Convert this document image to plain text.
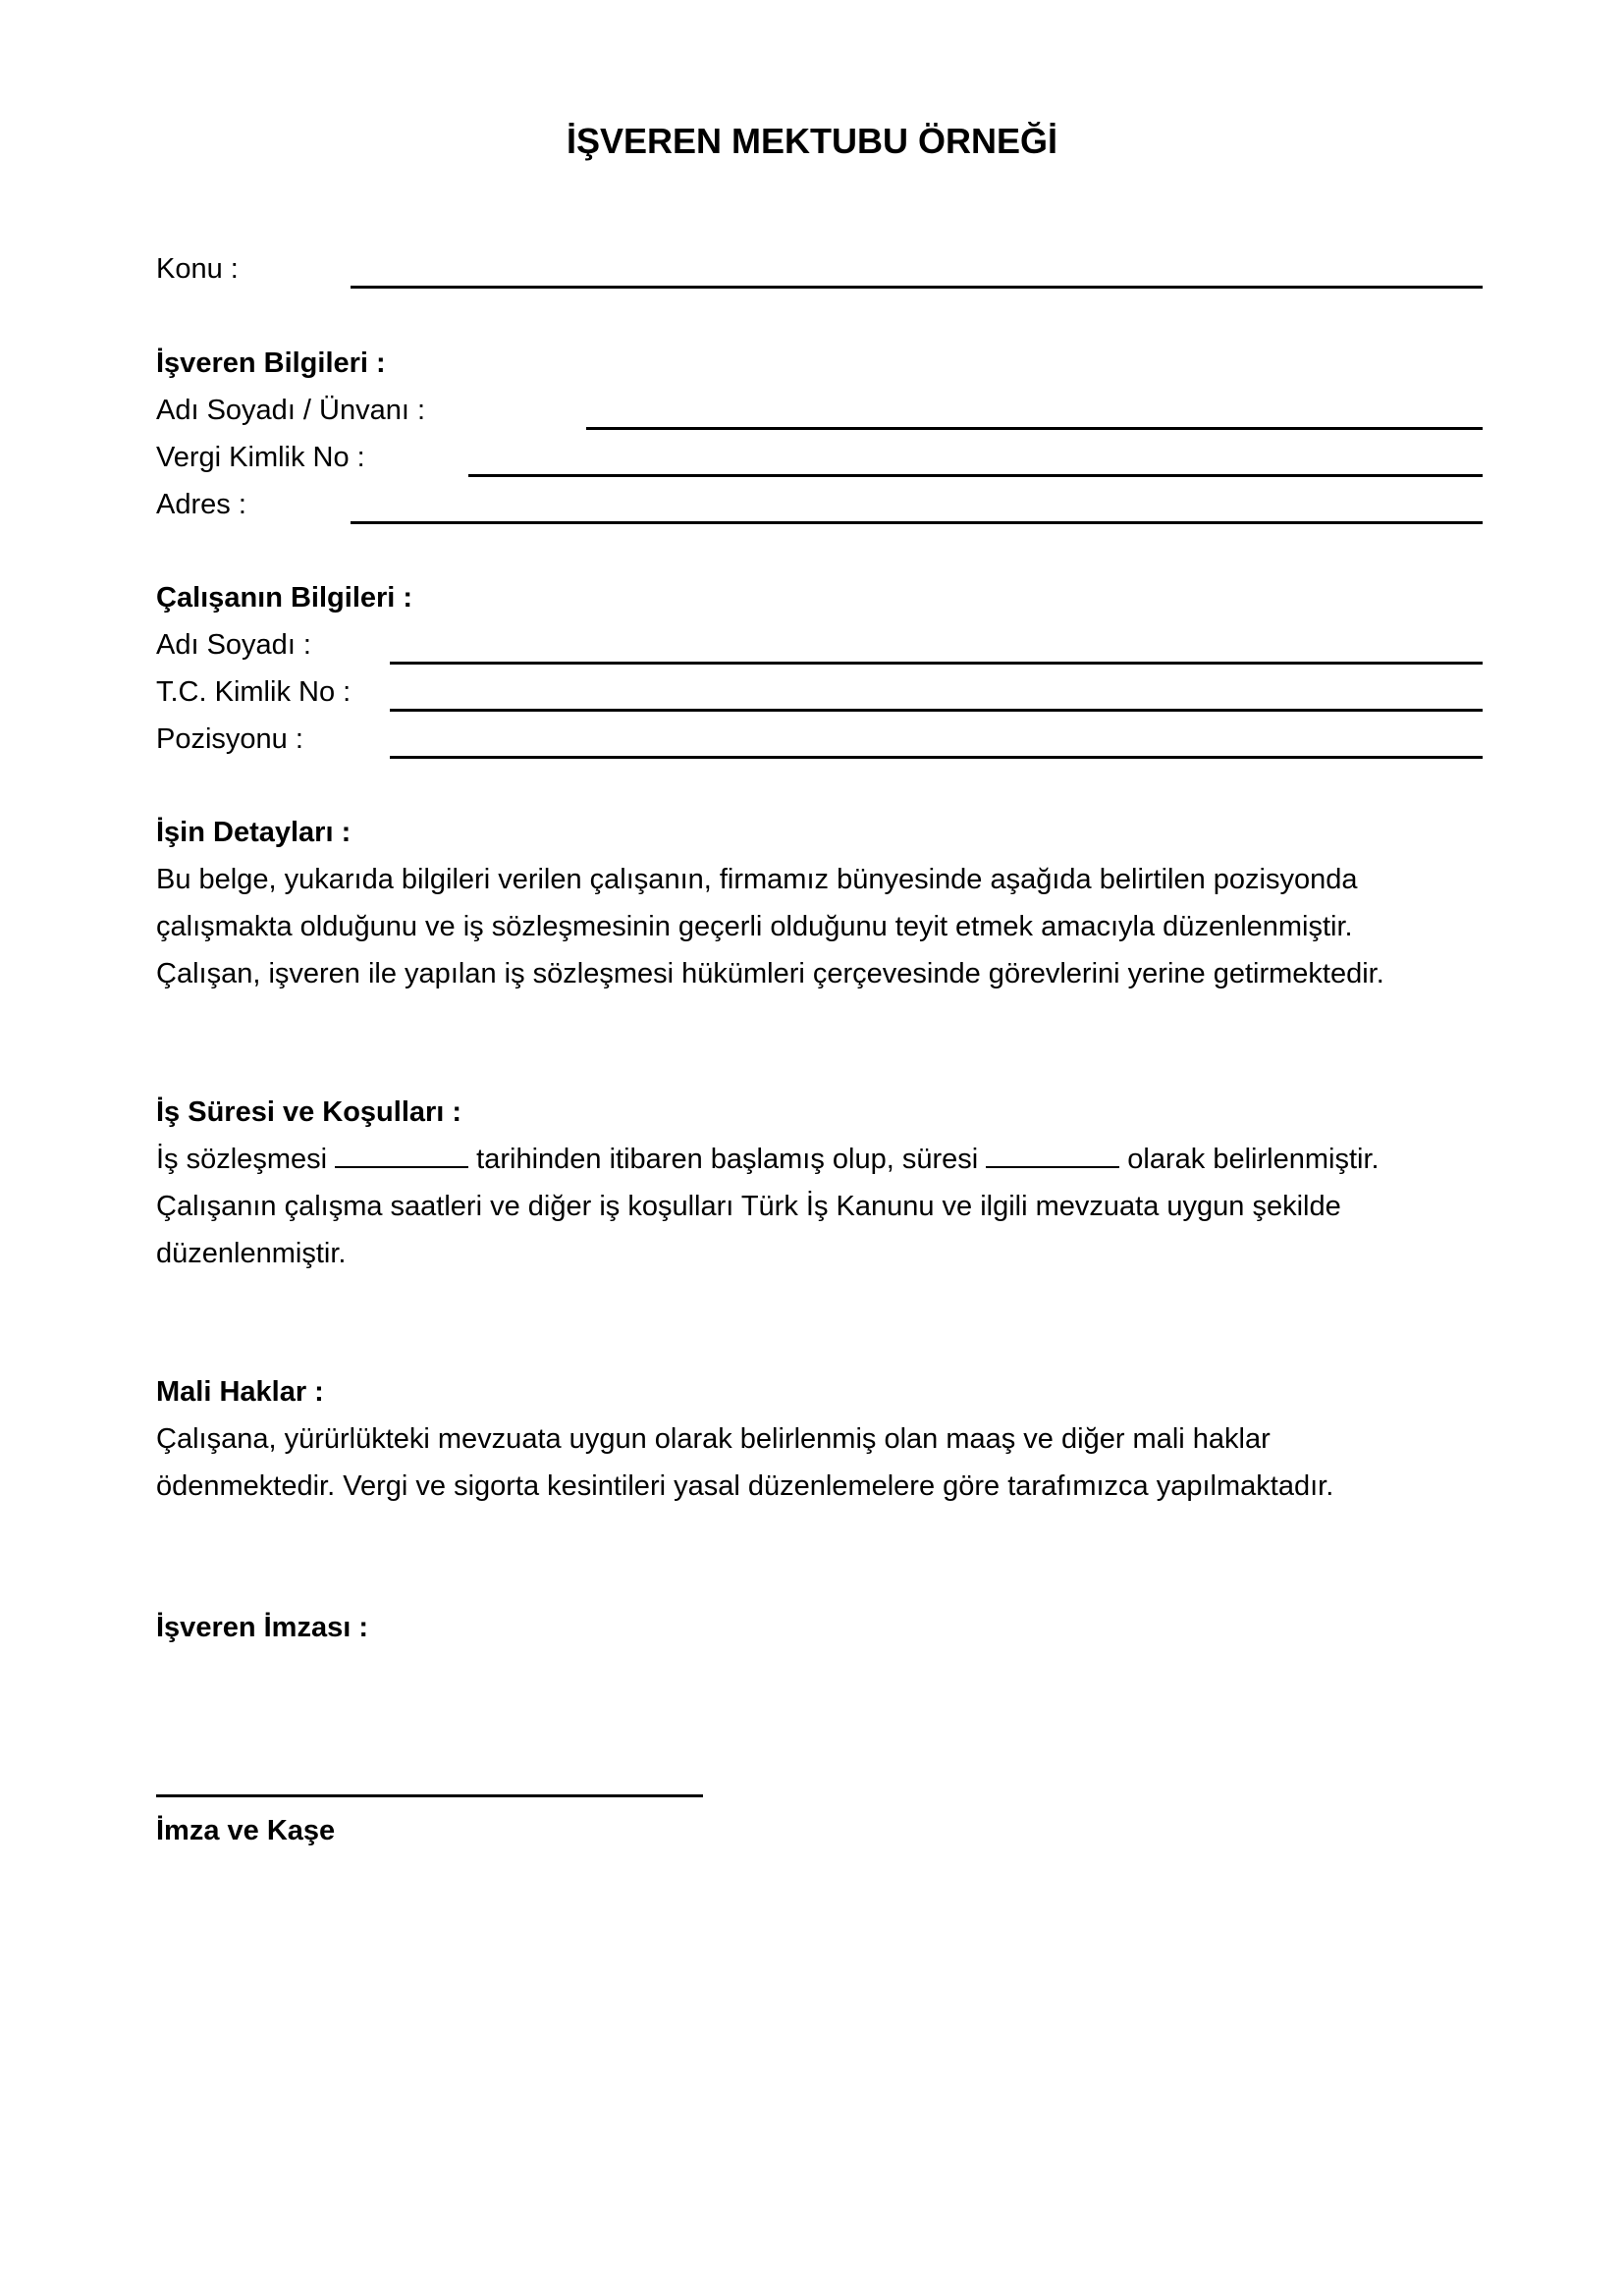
İŞVEREN MEKTUBU ÖRNEĞİ
Konu :
İşveren Bilgileri :
Adı Soyadı / Ünvanı :
Vergi Kimlik No :
Adres :
Çalışanın Bilgileri :
Adı Soyadı :
T.C. Kimlik No :
Pozisyonu :
İşin Detayları :

Bu belge, yukarıda bilgileri verilen çalışanın, firmamız bünyesinde aşağıda belirtilen pozisyonda

çalışmakta olduğunu ve iş sözleşmesinin geçerli olduğunu teyit etmek amacıyla düzenlenmiştir.

Çalışan, işveren ile yapılan iş sözleşmesi hükümleri çerçevesinde görevlerini yerine getirmektedir.

İş Süresi ve Koşulları :

İş sözleşmesi	tarihinden itibaren başlamış olup, süresi	olarak belirlenmiştir.

Çalışanın çalışma saatleri ve diğer iş koşulları Türk İş Kanunu ve ilgili mevzuata uygun şekilde

düzenlenmiştir.

Mali Haklar :

Çalışana, yürürlükteki mevzuata uygun olarak belirlenmiş olan maaş ve diğer mali haklar

ödenmektedir. Vergi ve sigorta kesintileri yasal düzenlemelere göre tarafımızca yapılmaktadır.

İşveren İmzası :
İmza ve Kaşe
